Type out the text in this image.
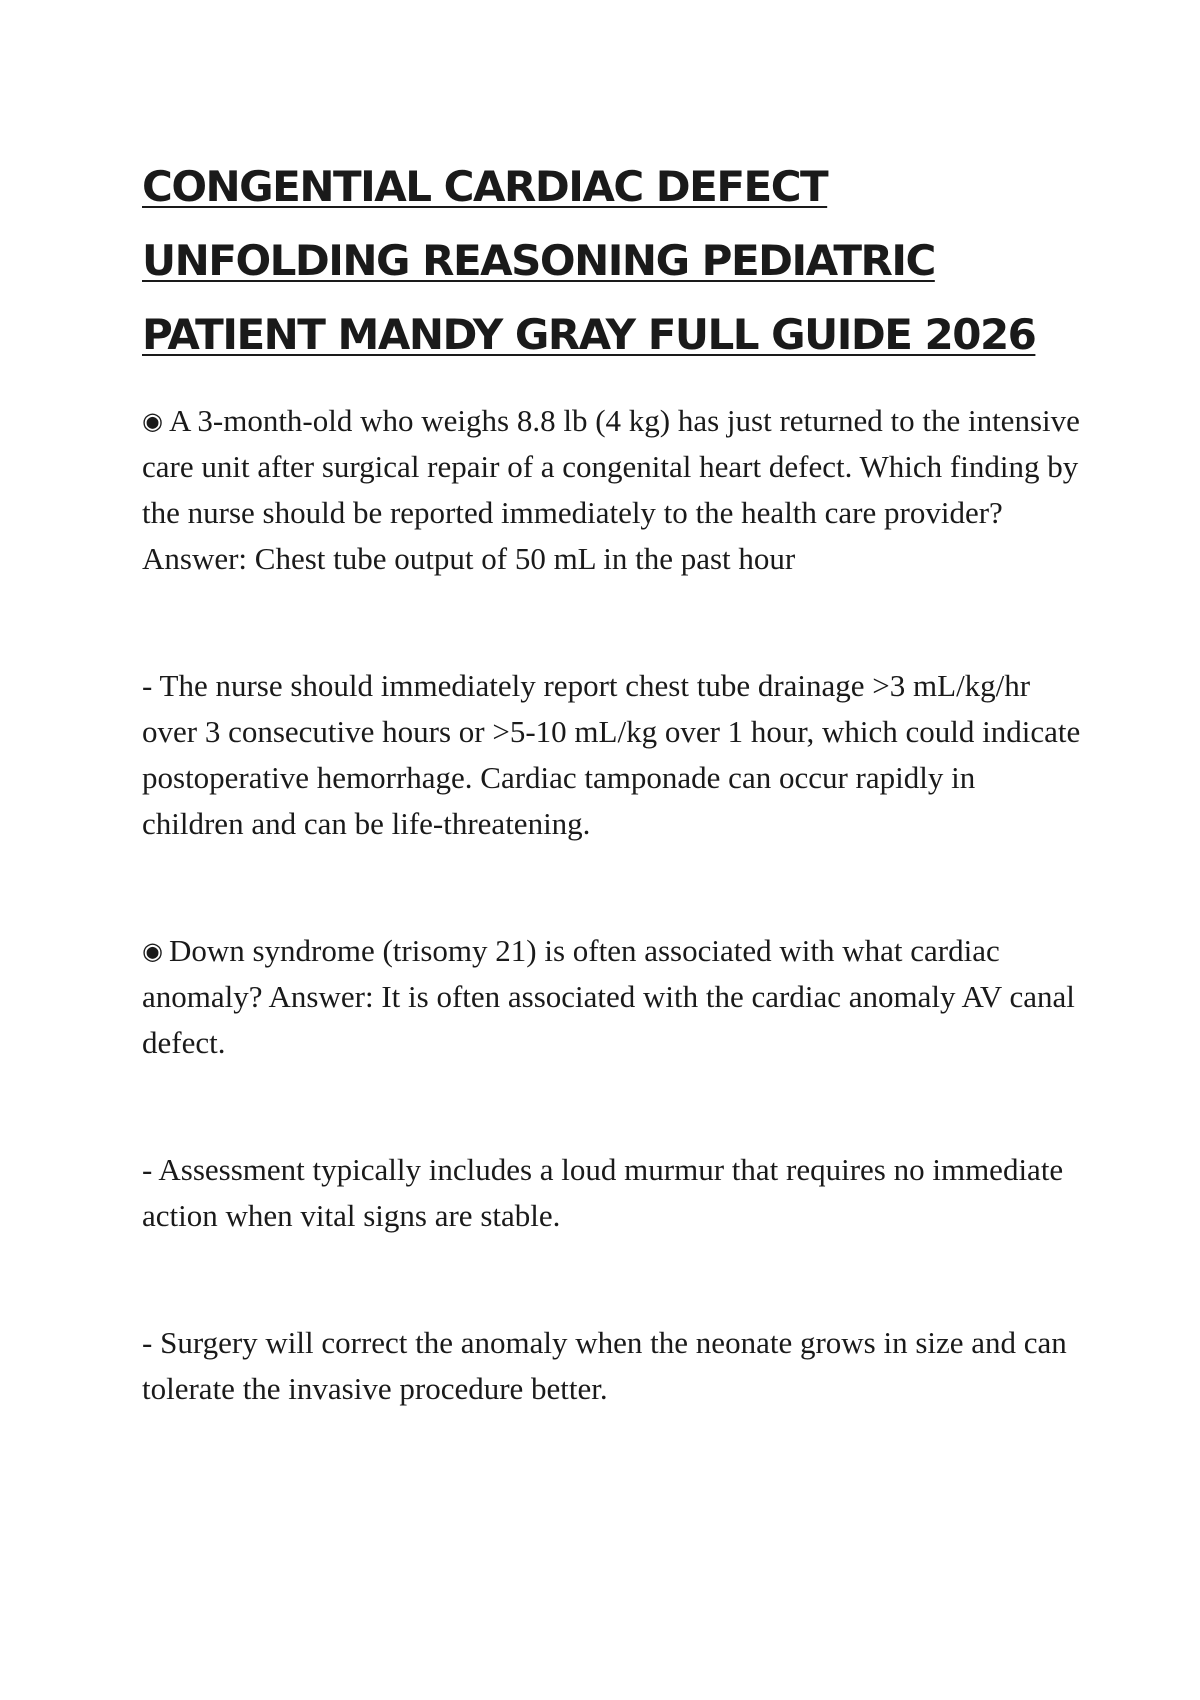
CONGENTIAL CARDIAC DEFECT UNFOLDING REASONING PEDIATRIC PATIENT MANDY GRAY FULL GUIDE 2026

◉ A 3-month-old who weighs 8.8 lb (4 kg) has just returned to the intensive care unit after surgical repair of a congenital heart defect. Which finding by the nurse should be reported immediately to the health care provider? Answer: Chest tube output of 50 mL in the past hour

- The nurse should immediately report chest tube drainage >3 mL/kg/hr over 3 consecutive hours or >5-10 mL/kg over 1 hour, which could indicate postoperative hemorrhage. Cardiac tamponade can occur rapidly in children and can be life-threatening.

◉ Down syndrome (trisomy 21) is often associated with what cardiac anomaly? Answer: It is often associated with the cardiac anomaly AV canal defect.

- Assessment typically includes a loud murmur that requires no immediate action when vital signs are stable.

- Surgery will correct the anomaly when the neonate grows in size and can tolerate the invasive procedure better.
